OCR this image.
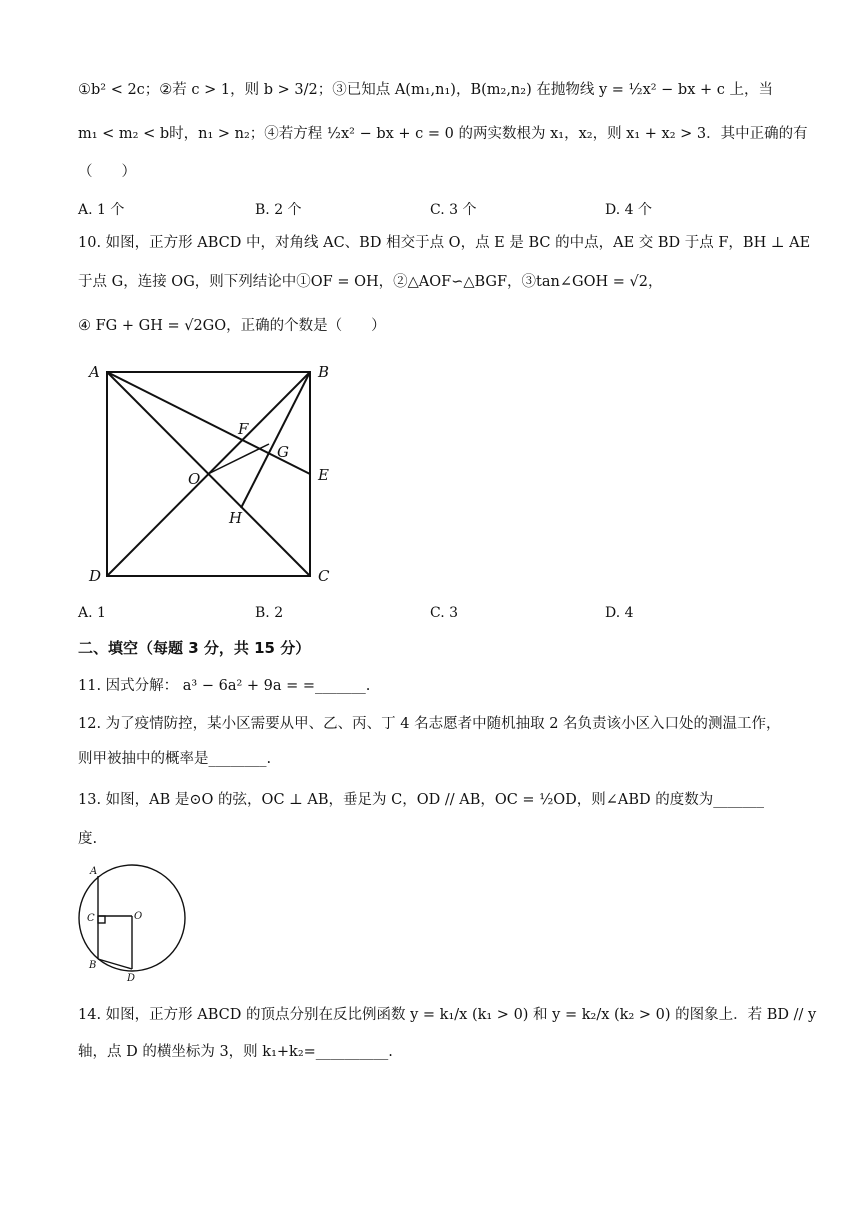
①b² < 2c；②若 c > 1，则 b > 3/2；③已知点 A(m₁,n₁)，B(m₂,n₂) 在抛物线 y = ½x² − bx + c 上，当
m₁ < m₂ < b时，n₁ > n₂；④若方程 ½x² − bx + c = 0 的两实数根为 x₁，x₂，则 x₁ + x₂ > 3．其中正确的有
（　　）
A. 1 个	B. 2 个	C. 3 个	D. 4 个
10. 如图，正方形 ABCD 中，对角线 AC、BD 相交于点 O，点 E 是 BC 的中点，AE 交 BD 于点 F，BH ⊥ AE
于点 G，连接 OG，则下列结论中①OF = OH，②△AOF∽△BGF，③tan∠GOH = √2，
④ FG + GH = √2GO，正确的个数是（　　）
A	B
C
D
O
F
G
E
H
A. 1	B. 2	C. 3	D. 4
二、填空（每题 3 分，共 15 分）
11. 因式分解： a³ − 6a² + 9a = =_______.
12. 为了疫情防控，某小区需要从甲、乙、丙、丁 4 名志愿者中随机抽取 2 名负责该小区入口处的测温工作，
则甲被抽中的概率是________.
13. 如图，AB 是⊙O 的弦，OC ⊥ AB，垂足为 C，OD // AB，OC = ½OD，则∠ABD 的度数为_______
度.
A
C	O
B
D
14. 如图，正方形 ABCD 的顶点分别在反比例函数 y = k₁/x (k₁ > 0) 和 y = k₂/x (k₂ > 0) 的图象上．若 BD // y
轴，点 D 的横坐标为 3，则 k₁+k₂=__________.
